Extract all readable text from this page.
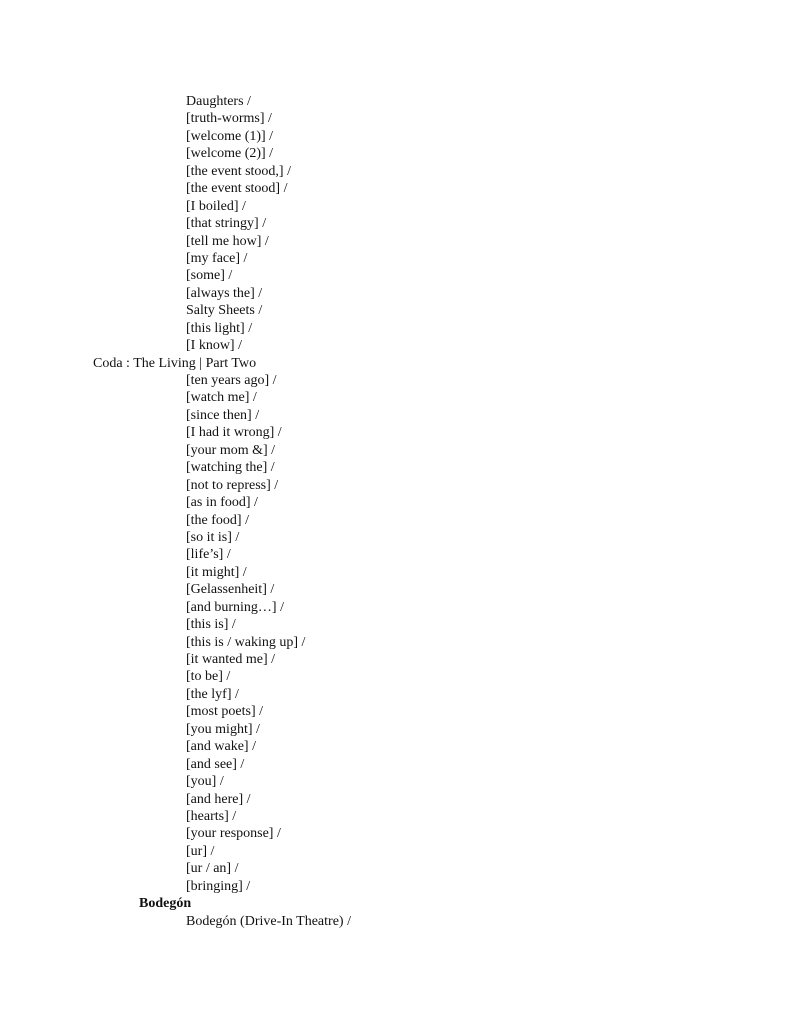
Daughters /
[truth-worms] /
[welcome (1)] /
[welcome (2)] /
[the event stood,] /
[the event stood] /
[I boiled] /
[that stringy] /
[tell me how] /
[my face] /
[some] /
[always the] /
Salty Sheets /
[this light] /
[I know] /
Coda : The Living | Part Two
[ten years ago] /
[watch me] /
[since then] /
[I had it wrong] /
[your mom &] /
[watching the] /
[not to repress] /
[as in food] /
[the food] /
[so it is] /
[life’s] /
[it might] /
[Gelassenheit] /
[and burning…] /
[this is] /
[this is / waking up] /
[it wanted me] /
[to be] /
[the lyf] /
[most poets] /
[you might] /
[and wake] /
[and see] /
[you] /
[and here] /
[hearts] /
[your response] /
[ur] /
[ur / an] /
[bringing] /
Bodegón
Bodegón (Drive-In Theatre) /
